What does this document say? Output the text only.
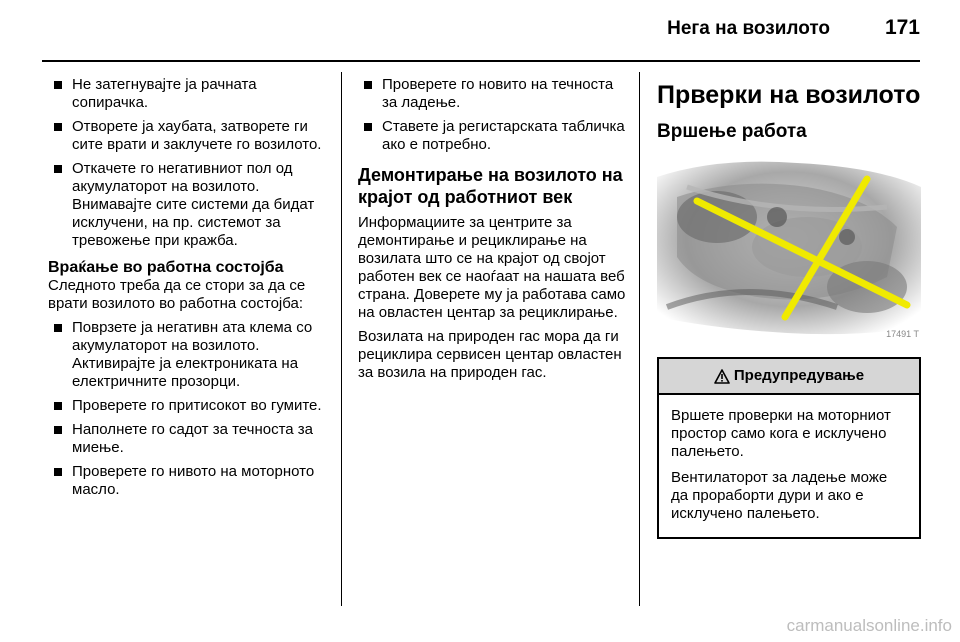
Нега на возилото	171
Не затегнувајте ја рачната сопирачка.
Отворете ја хаубата, затворете ги сите врати и заклучете го возилото.
Откачете го негативниот пол од акумулаторот на возилото. Внимавајте сите системи да бидат исклучени, на пр. системот за тревожење при кражба.
Враќање во работна состојба

Следното треба да се стори за да се врати возилото во работна состојба:

Поврзете ја негативн ата клема со акумулаторот на возилото. Активирајте ја електрониката на електричните прозорци.
Проверете го притисокот во гумите.
Наполнете го садот за течноста за миење.
Проверете го нивото на моторното масло.
Проверете го новито на течноста за ладење.
Ставете ја регистарската табличка ако е потребно.
Демонтирање на возилото на крајот од работниот век

Информациите за центрите за демонтирање и рециклирање на возилата што се на крајот од својот работен век се наоѓаат на нашата веб страна. Доверете му ја работава само на овластен центар за рециклирање.

Возилата на природен гас мора да ги рециклира сервисен центар овластен за возила на природен гас.

Прверки на возилото
Вршење работа
17491 T
Предупредување

Вршете проверки на моторниот простор само кога е исклучено палењето.

Вентилаторот за ладење може да прораборти дури и ако е исклучено палењето.

carmanualsonline.info
